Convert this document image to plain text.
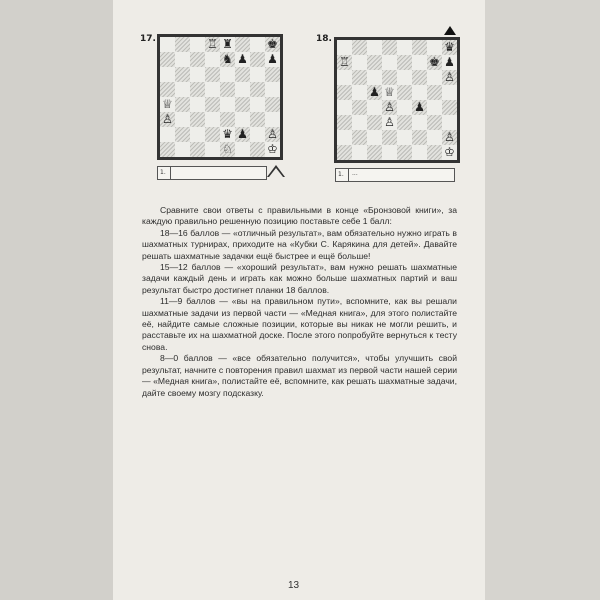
17.	♖ ♜	♚
♞ ♟ ♟
♕
♙
♛ ♟ ♙
♘	♔
1.
18.
♖
♛
♚ ♟
♙
♟ ♕
♙ ♟
♙
♙
♔
1. ...

Сравните свои ответы с правильными в конце «Бронзовой книги», за каждую правильно решенную позицию поставьте себе 1 балл:

18—16 баллов — «отличный результат», вам обязательно нужно играть в шахматных турнирах, приходите на «Кубки С. Карякина для детей». Давайте решать шахматные задачки ещё быстрее и ещё больше!

15—12 баллов — «хороший результат», вам нужно решать шахматные задачи каждый день и играть как можно больше шахматных партий и ваш результат быстро достигнет планки 18 баллов.

11—9 баллов — «вы на правильном пути», вспомните, как вы решали шахматные задачи из первой части — «Медная книга», для этого полистайте её, найдите самые сложные позиции, которые вы никак не могли решить, и расставьте их на шахматной доске. После этого попробуйте вернуться к тесту снова.

8—0 баллов — «все обязательно получится», чтобы улучшить свой результат, начните с повторения правил шахмат из первой части нашей серии — «Медная книга», полистайте её, вспомните, как решать шахматные задачи, дайте своему мозгу подсказку.

13
